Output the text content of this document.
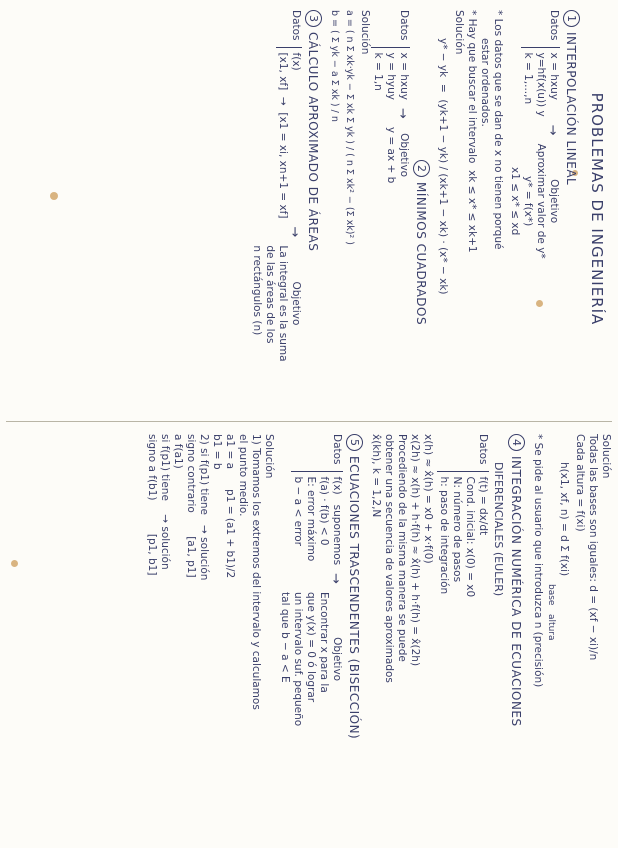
PROBLEMAS DE INGENIERÍA
1
INTERPOLACIÓN LINEAL
Datos
x = hxuy
y=hf(x(u)) y
k = 1,...,n
→
Objetivo
Aproximar valor de y*
y* = f(x*)
x1 ≤ x* ≤ xd
* Los datos que se dan de x no tienen porqué
estar ordenados.
* Hay que buscar el intervalo  xk ≤ x* ≤ xk+1
Solución
y* − yk  =  (yk+1 − yk) / (xk+1 − xk) · (x* − xk)
2
MÍNIMOS CUADRADOS
Datos
x = hxuy
y = hyuy
k = 1,n
→
Objetivo
y = ax + b
Solución
a = ( n Σ xk·yk − Σ xk Σ yk ) / ( n Σ xk² − (Σ xk)² )
b = ( Σ yk − a Σ xk ) / n
3
CÁLCULO APROXIMADO DE ÁREAS
Datos
f(x)
[x1, xf]  →  [x1 = xi, xn+1 = xf]
→
Objetivo
La integral es la suma
de las áreas de los
n rectángulos (n)
Solución
Todas las bases son iguales: d = (xf − xi)/n
Cada altura = f(xi)
h(x1, xf, n) = d Σ f(xi)
base   altura
* Se pide al usuario que introduzca n (precisión)
4
INTEGRACIÓN NUMÉRICA DE ECUACIONES
DIFERENCIALES (EULER)
Datos
f(t) = dx/dt
Cond. inicial: x(0) = x0
N: número de pasos
h: paso de integración
x(h) ≈ x̂(h) = x0 + x·f(0)
x(2h) ≈ x(h) + h·f(h) ≈ x̂(h) + h·f(h) = x̂(2h)
Procediendo de la misma manera se puede
obtener una secuencia de valores aproximados
x̂(kh), k = 1,2,N
5
ECUACIONES TRASCENDENTES (BISECCIÓN)
Datos
f(x)   suponemos
f(a) · f(b) < 0
E: error máximo
b − a < error
→
Objetivo
Encontrar x para la
que y(x) = 0 ó lograr
un intervalo suf. pequeño
tal que b − a < E
Solución
1) Tomamos los extremos del intervalo y calculamos
el punto medio.
a1 = a      p1 = (a1 + b1)/2
b1 = b
2) si f(p1) tiene   → solución
signo contrario       [a1, p1]
a f(a1)
si f(p1) tiene    → solución
signo a f(b1)          [p1, b1]
